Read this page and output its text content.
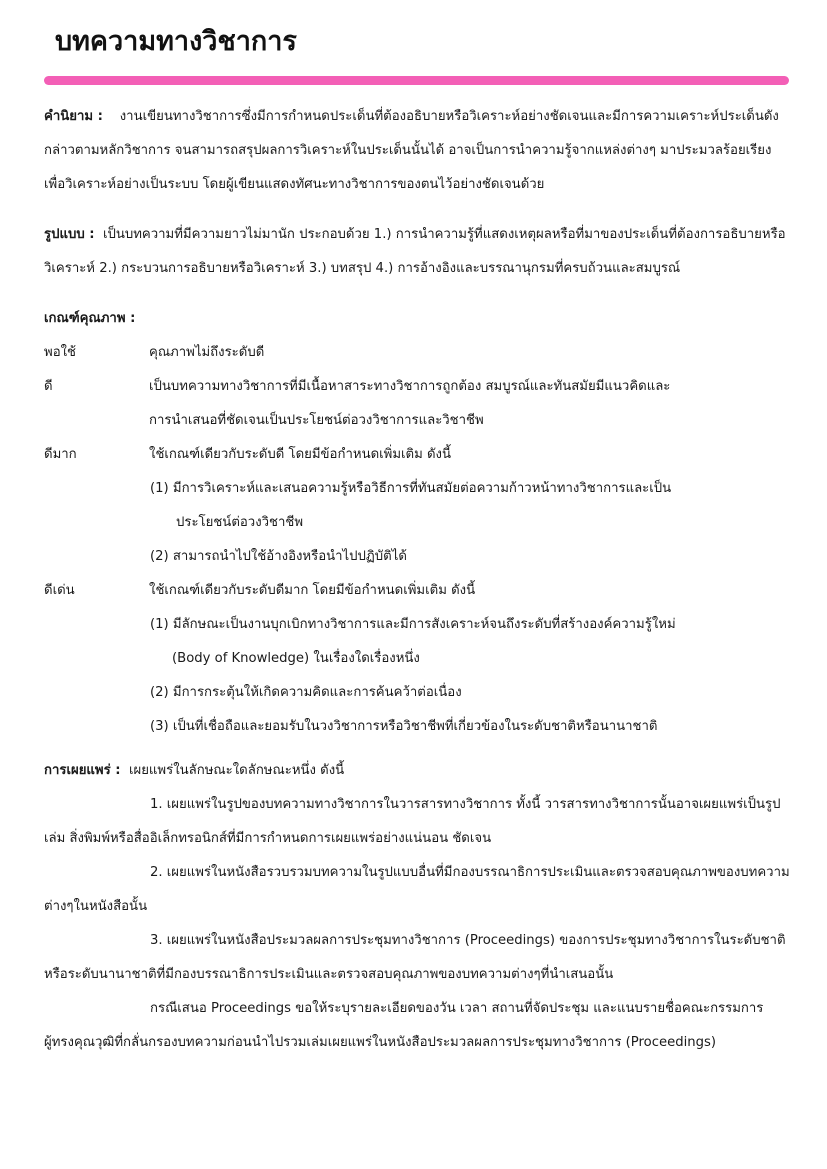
บทความทางวิชาการ

คำนิยาม : งานเขียนทางวิชาการซึ่งมีการกำหนดประเด็นที่ต้องอธิบายหรือวิเคราะห์อย่างชัดเจนและมีการความเคราะห์ประเด็นดังกล่าวตามหลักวิชาการ จนสามารถสรุปผลการวิเคราะห์ในประเด็นนั้นได้ อาจเป็นการนำความรู้จากแหล่งต่างๆ มาประมวลร้อยเรียงเพื่อวิเคราะห์อย่างเป็นระบบ โดยผู้เขียนแสดงทัศนะทางวิชาการของตนไว้อย่างชัดเจนด้วย

รูปแบบ : เป็นบทความที่มีความยาวไม่มานัก ประกอบด้วย 1.) การนำความรู้ที่แสดงเหตุผลหรือที่มาของประเด็นที่ต้องการอธิบายหรือวิเคราะห์ 2.) กระบวนการอธิบายหรือวิเคราะห์ 3.) บทสรุป 4.) การอ้างอิงและบรรณานุกรมที่ครบถ้วนและสมบูรณ์

เกณฑ์คุณภาพ :
พอใช้	คุณภาพไม่ถึงระดับดี
ดี	เป็นบทความทางวิชาการที่มีเนื้อหาสาระทางวิชาการถูกต้อง สมบูรณ์และทันสมัยมีแนวคิดและ
การนำเสนอที่ชัดเจนเป็นประโยชน์ต่อวงวิชาการและวิชาชีพ
ดีมาก	ใช้เกณฑ์เดียวกับระดับดี โดยมีข้อกำหนดเพิ่มเติม ดังนี้
(1) มีการวิเคราะห์และเสนอความรู้หรือวิธีการที่ทันสมัยต่อความก้าวหน้าทางวิชาการและเป็น
ประโยชน์ต่อวงวิชาชีพ
(2) สามารถนำไปใช้อ้างอิงหรือนำไปปฏิบัติได้
ดีเด่น	ใช้เกณฑ์เดียวกับระดับดีมาก โดยมีข้อกำหนดเพิ่มเติม ดังนี้
(1) มีลักษณะเป็นงานบุกเบิกทางวิชาการและมีการสังเคราะห์จนถึงระดับที่สร้างองค์ความรู้ใหม่
(Body of Knowledge) ในเรื่องใดเรื่องหนึ่ง
(2) มีการกระตุ้นให้เกิดความคิดและการค้นคว้าต่อเนื่อง
(3) เป็นที่เชื่อถือและยอมรับในวงวิชาการหรือวิชาชีพที่เกี่ยวข้องในระดับชาติหรือนานาชาติ
การเผยแพร่ : เผยแพร่ในลักษณะใดลักษณะหนึ่ง ดังนี้

1. เผยแพร่ในรูปของบทความทางวิชาการในวารสารทางวิชาการ ทั้งนี้ วารสารทางวิชาการนั้นอาจเผยแพร่เป็นรูปเล่ม สิ่งพิมพ์หรือสื่ออิเล็กทรอนิกส์ที่มีการกำหนดการเผยแพร่อย่างแน่นอน ชัดเจน

2. เผยแพร่ในหนังสือรวบรวมบทความในรูปแบบอื่นที่มีกองบรรณาธิการประเมินและตรวจสอบคุณภาพของบทความต่างๆในหนังสือนั้น

3. เผยแพร่ในหนังสือประมวลผลการประชุมทางวิชาการ (Proceedings) ของการประชุมทางวิชาการในระดับชาติหรือระดับนานาชาติที่มีกองบรรณาธิการประเมินและตรวจสอบคุณภาพของบทความต่างๆที่นำเสนอนั้น

กรณีเสนอ Proceedings ขอให้ระบุรายละเอียดของวัน เวลา สถานที่จัดประชุม และแนบรายชื่อคณะกรรมการผู้ทรงคุณวุฒิที่กลั่นกรองบทความก่อนนำไปรวมเล่มเผยแพร่ในหนังสือประมวลผลการประชุมทางวิชาการ (Proceedings)
